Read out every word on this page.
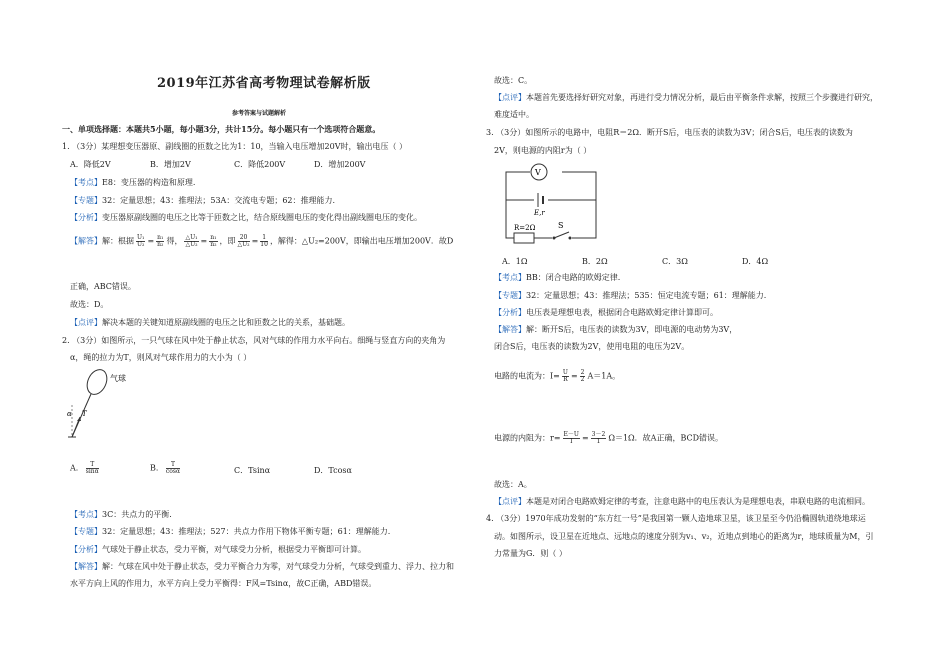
2019年江苏省高考物理试卷解析版
参考答案与试题解析
一、单项选择题：本题共5小题，每小题3分，共计15分。每小题只有一个选项符合题意。
1. （3分）某理想变压器原、副线圈的匝数之比为1：10，当输入电压增加20V时，输出电压（ ）
A．降低2V	B．增加2V	C．降低200V	D．增加200V
【考点】E8：变压器的构造和原理.
【专题】32：定量思想；43：推理法；53A：交流电专题；62：推理能力.
【分析】变压器原副线圈的电压之比等于匝数之比，结合原线圈电压的变化得出副线圈电压的变化。
【解答】解：根据 $\frac{\text{U₁}}{\text{U₂}} = \frac{\text{n₁}}{\text{n₂}}$ 得， $\frac{\text{△U₁}}{\text{△U₂}} = \frac{\text{n₁}}{\text{n₂}}$ ，即 $\frac{20}{\text{△U₂}} = \frac{1}{10}$ ，解得：△U₂=200V，即输出电压增加200V．故D
正确，ABC错误。
故选：D。
【点评】解决本题的关键知道原副线圈的电压之比和匝数之比的关系，基础题。
2. （3分）如图所示，一只气球在风中处于静止状态，风对气球的作用力水平向右。细绳与竖直方向的夹角为
α，绳的拉力为T，则风对气球作用力的大小为（ ）
气球
α T
A． $\frac{T}{\sin\alpha}$	B． $\frac{T}{\cos\alpha}$	C．Tsinα	D．Tcosα
【考点】3C：共点力的平衡.
【专题】32：定量思想；43：推理法；527：共点力作用下物体平衡专题；61：理解能力.
【分析】气球处于静止状态，受力平衡，对气球受力分析，根据受力平衡即可计算。
【解答】解：气球在风中处于静止状态，受力平衡合力为零，对气球受力分析，气球受到重力、浮力、拉力和
水平方向上风的作用力，水平方向上受力平衡得：F风=Tsinα，故C正确，ABD错误。
故选：C。
【点评】本题首先要选择好研究对象，再进行受力情况分析，最后由平衡条件求解，按照三个步骤进行研究，
难度适中。
3. （3分）如图所示的电路中，电阻R＝2Ω．断开S后，电压表的读数为3V；闭合S后，电压表的读数为
2V，则电源的内阻r为（ ）
V
E,r
R=2Ω	S
A．1Ω	B．2Ω	C．3Ω	D．4Ω
【考点】BB：闭合电路的欧姆定律.
【专题】32：定量思想；43：推理法；535：恒定电流专题；61：理解能力.
【分析】电压表是理想电表，根据闭合电路欧姆定律计算即可。
【解答】解：断开S后，电压表的读数为3V，即电源的电动势为3V，
闭合S后，电压表的读数为2V，使用电阻的电压为2V。
电路的电流为：$I= \frac{U}{R} = \frac{2}{2} A=1A$。
电源的内阻为：$r= \frac{E-U}{I} = \frac{3-2}{1} \Omega=1\Omega$．故A正确，BCD错误。
故选：A。
【点评】本题是对闭合电路欧姆定律的考查，注意电路中的电压表认为是理想电表，串联电路的电流相同。
4. （3分）1970年成功发射的“东方红一号”是我国第一颗人造地球卫星，该卫星至今仍沿椭圆轨道绕地球运
动。如图所示，设卫星在近地点、远地点的速度分别为v₁、v₂，近地点到地心的距离为r，地球质量为M，引
力常量为G．则（ ）
